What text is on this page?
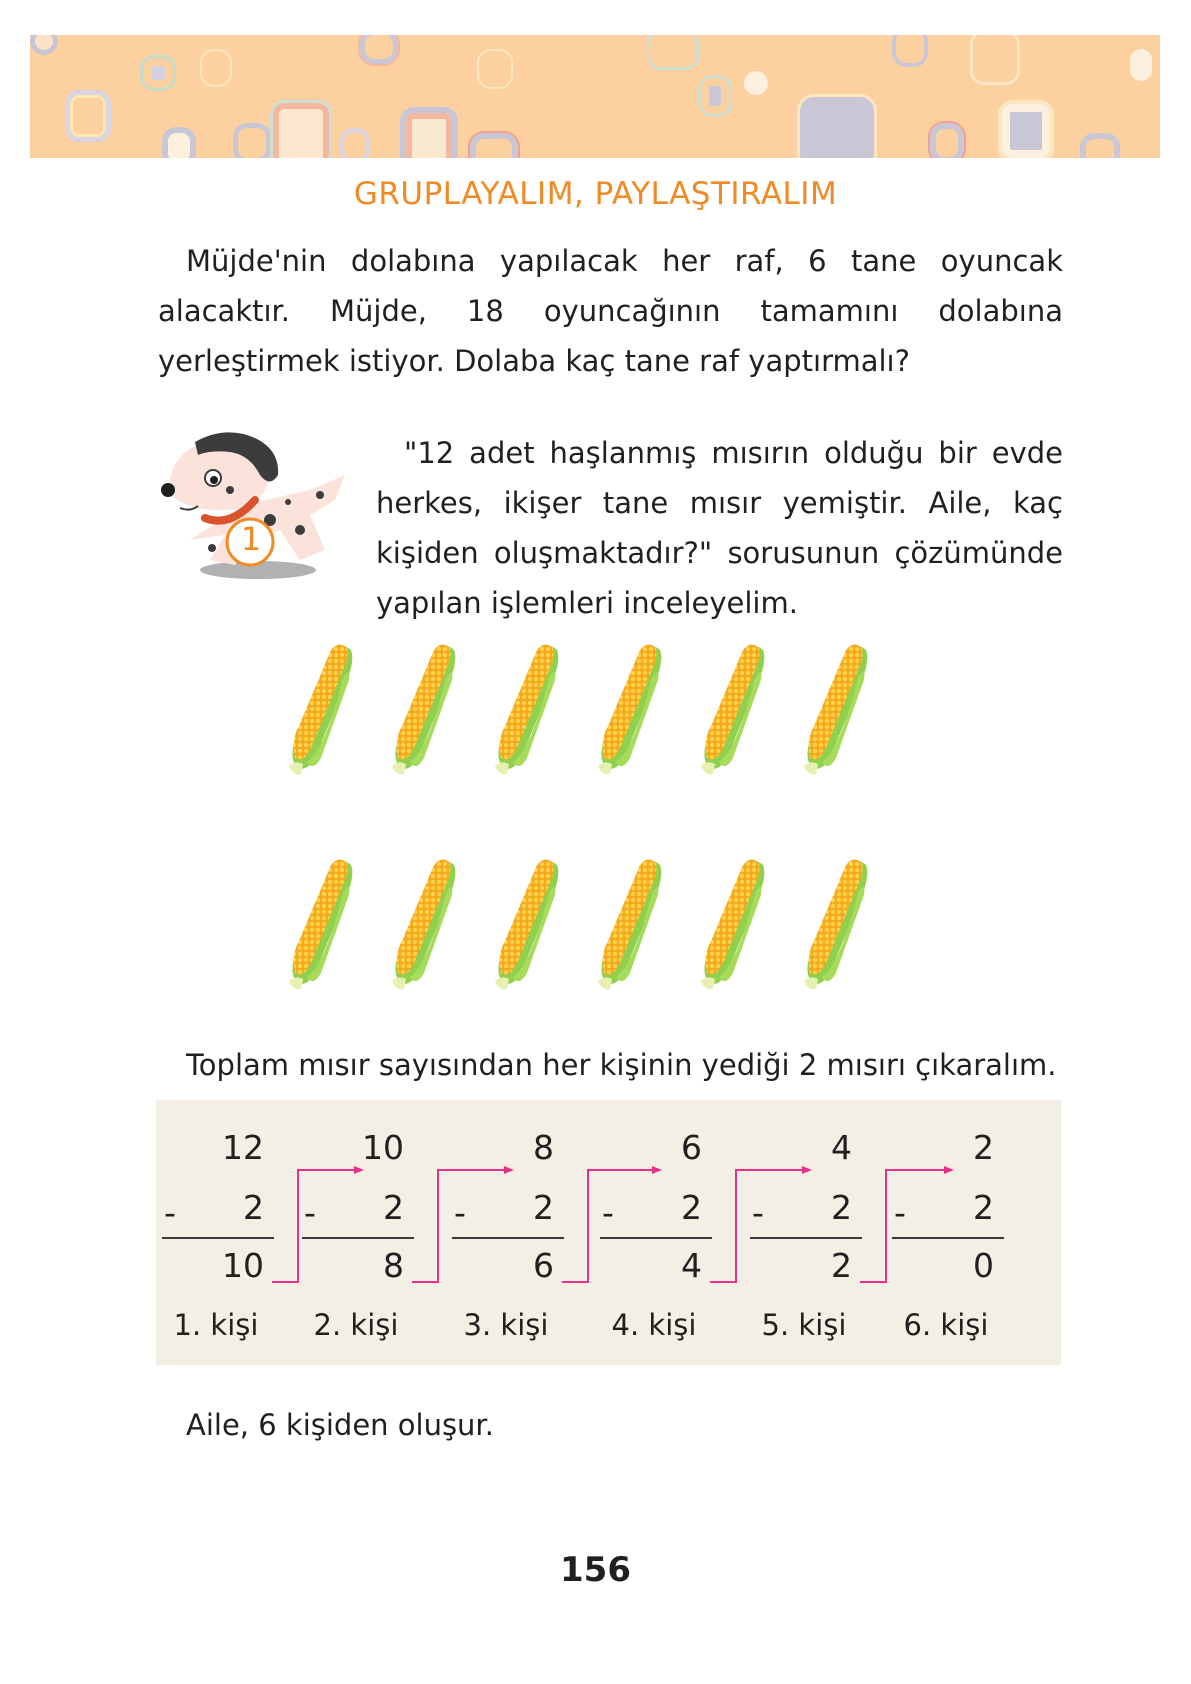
GRUPLAYALIM, PAYLAŞTIRALIM
Müjde'nin dolabına yapılacak her raf, 6 tane oyuncak alacaktır. Müjde, 18 oyuncağının tamamını dolabına yerleştirmek istiyor. Dolaba kaç tane raf yaptırmalı?
1
"12 adet haşlanmış mısırın olduğu bir evde herkes, ikişer tane mısır yemiştir. Aile, kaç kişiden oluşmaktadır?" sorusunun çözümünde yapılan işlemleri inceleyelim.
Toplam mısır sayısından her kişinin yediği 2 mısırı çıkaralım.
12
- 2
10
1. kişi
10
- 2
8
2. kişi
8
- 2
6
3. kişi
6
- 2
4
4. kişi
4
- 2
2
5. kişi
2
- 2
0
6. kişi
Aile, 6 kişiden oluşur.
156
